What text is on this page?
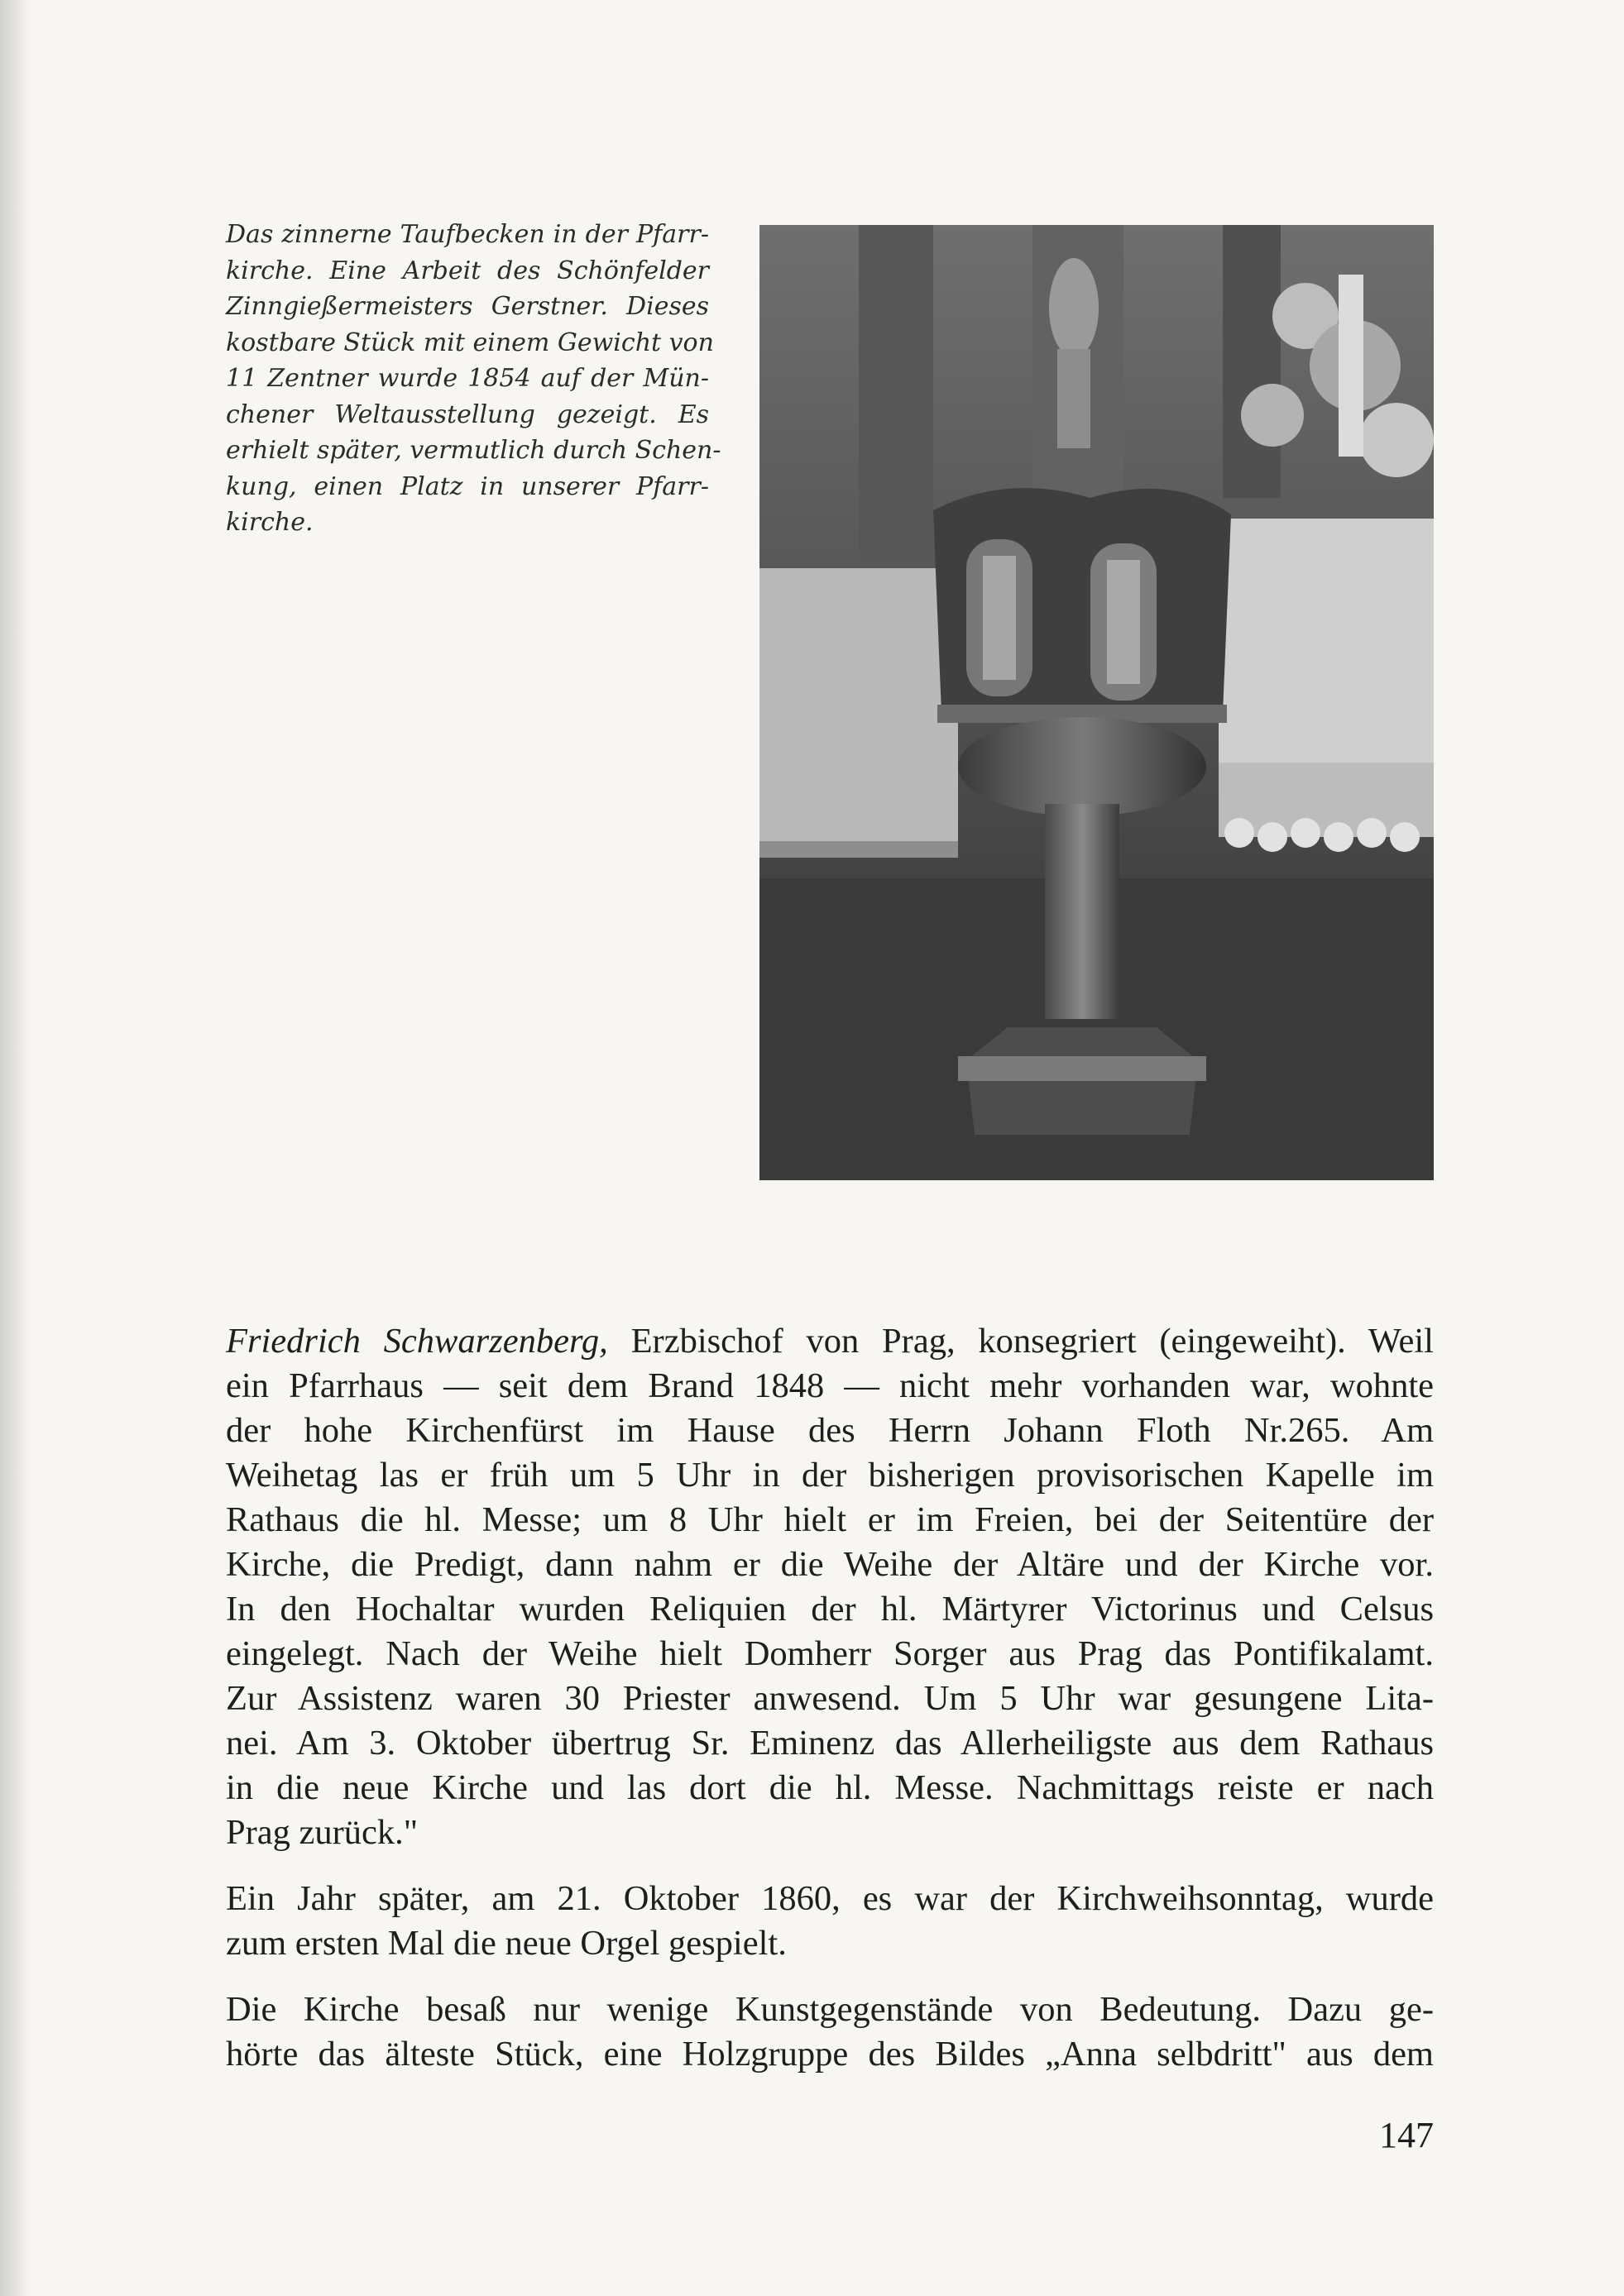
Das zinnerne Taufbecken in der Pfarr-
kirche. Eine Arbeit des Schönfelder
Zinngießermeisters Gerstner. Dieses
kostbare Stück mit einem Gewicht von
11 Zentner wurde 1854 auf der Mün-
chener Weltausstellung gezeigt. Es
erhielt später, vermutlich durch Schen-
kung, einen Platz in unserer Pfarr-
kirche.
Friedrich Schwarzenberg, Erzbischof von Prag, konsegriert (eingeweiht). Weil
ein Pfarrhaus — seit dem Brand 1848 — nicht mehr vorhanden war, wohnte
der hohe Kirchenfürst im Hause des Herrn Johann Floth Nr.265. Am
Weihetag las er früh um 5 Uhr in der bisherigen provisorischen Kapelle im
Rathaus die hl. Messe; um 8 Uhr hielt er im Freien, bei der Seitentüre der
Kirche, die Predigt, dann nahm er die Weihe der Altäre und der Kirche vor.
In den Hochaltar wurden Reliquien der hl. Märtyrer Victorinus und Celsus
eingelegt. Nach der Weihe hielt Domherr Sorger aus Prag das Pontifikalamt.
Zur Assistenz waren 30 Priester anwesend. Um 5 Uhr war gesungene Lita-
nei. Am 3. Oktober übertrug Sr. Eminenz das Allerheiligste aus dem Rathaus
in die neue Kirche und las dort die hl. Messe. Nachmittags reiste er nach
Prag zurück."
Ein Jahr später, am 21. Oktober 1860, es war der Kirchweihsonntag, wurde
zum ersten Mal die neue Orgel gespielt.
Die Kirche besaß nur wenige Kunstgegenstände von Bedeutung. Dazu ge-
hörte das älteste Stück, eine Holzgruppe des Bildes „Anna selbdritt" aus dem
147
